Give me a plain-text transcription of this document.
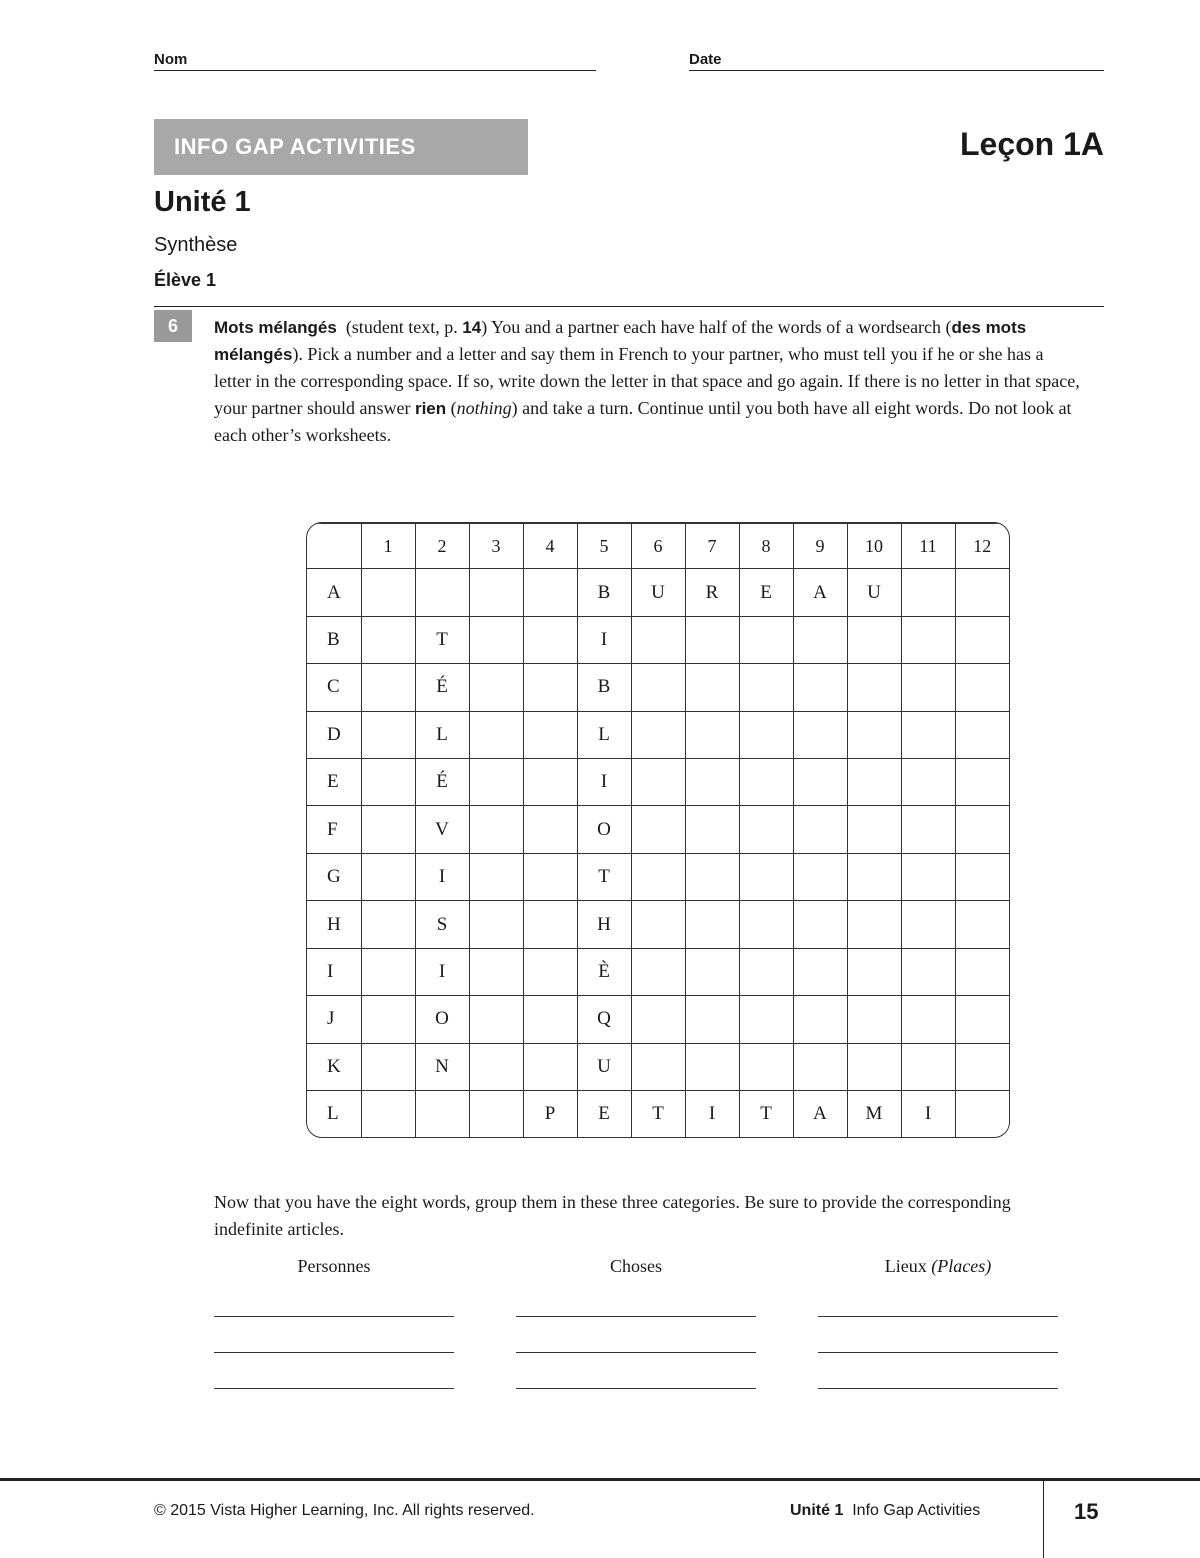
Nom	Date
INFO GAP ACTIVITIES	Leçon 1A
Unité 1
Synthèse
Élève 1
6	Mots mélangés (student text, p. 14) You and a partner each have half of the words of a wordsearch (des mots mélangés). Pick a number and a letter and say them in French to your partner, who must tell you if he or she has a letter in the corresponding space. If so, write down the letter in that space and go again. If there is no letter in that space, your partner should answer rien (nothing) and take a turn. Continue until you both have all eight words. Do not look at each other’s worksheets.
	1	2	3	4	5	6	7	8	9	10	11	12
A					B	U	R	E	A	U		
B		T			I							
C		É			B							
D		L			L							
E		É			I							
F		V			O							
G		I			T							
H		S			H							
I		I			È							
J		O			Q							
K		N			U							
L				P	E	T	I	T	A	M	I	
Now that you have the eight words, group them in these three categories. Be sure to provide the corresponding indefinite articles.
Personnes	Choses	Lieux (Places)
© 2015 Vista Higher Learning, Inc. All rights reserved.	Unité 1 Info Gap Activities	15
